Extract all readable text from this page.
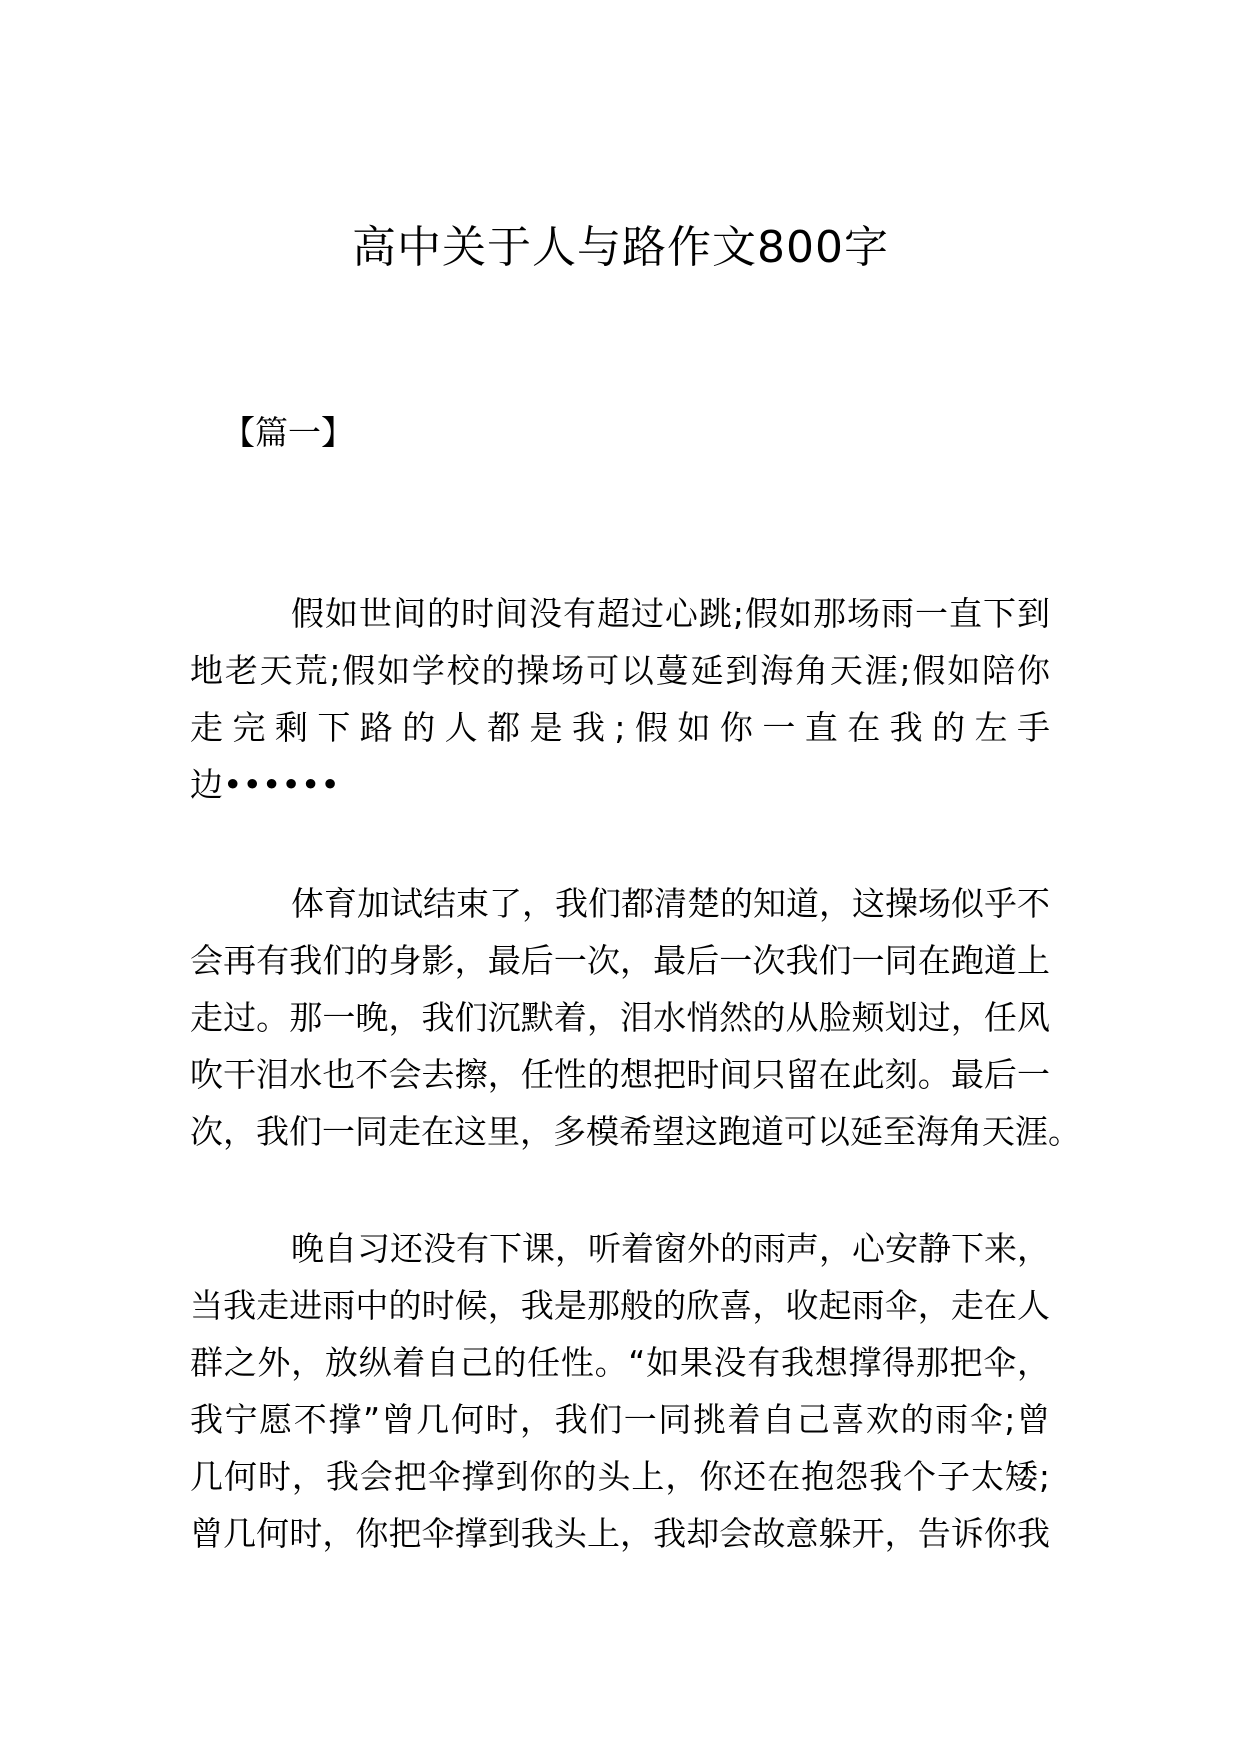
高中关于人与路作文800字
【篇一】
假如世间的时间没有超过心跳;假如那场雨一直下到
地老天荒;假如学校的操场可以蔓延到海角天涯;假如陪你
走完剩下路的人都是我;假如你一直在我的左手
边••••••
体育加试结束了，我们都清楚的知道，这操场似乎不
会再有我们的身影，最后一次，最后一次我们一同在跑道上
走过。那一晚，我们沉默着，泪水悄然的从脸颊划过，任风
吹干泪水也不会去擦，任性的想把时间只留在此刻。最后一
次，我们一同走在这里，多模希望这跑道可以延至海角天涯。
晚自习还没有下课，听着窗外的雨声，心安静下来，
当我走进雨中的时候，我是那般的欣喜，收起雨伞，走在人
群之外，放纵着自己的任性。“如果没有我想撑得那把伞，
我宁愿不撑”曾几何时，我们一同挑着自己喜欢的雨伞;曾
几何时，我会把伞撑到你的头上，你还在抱怨我个子太矮;
曾几何时，你把伞撑到我头上，我却会故意躲开，告诉你我
